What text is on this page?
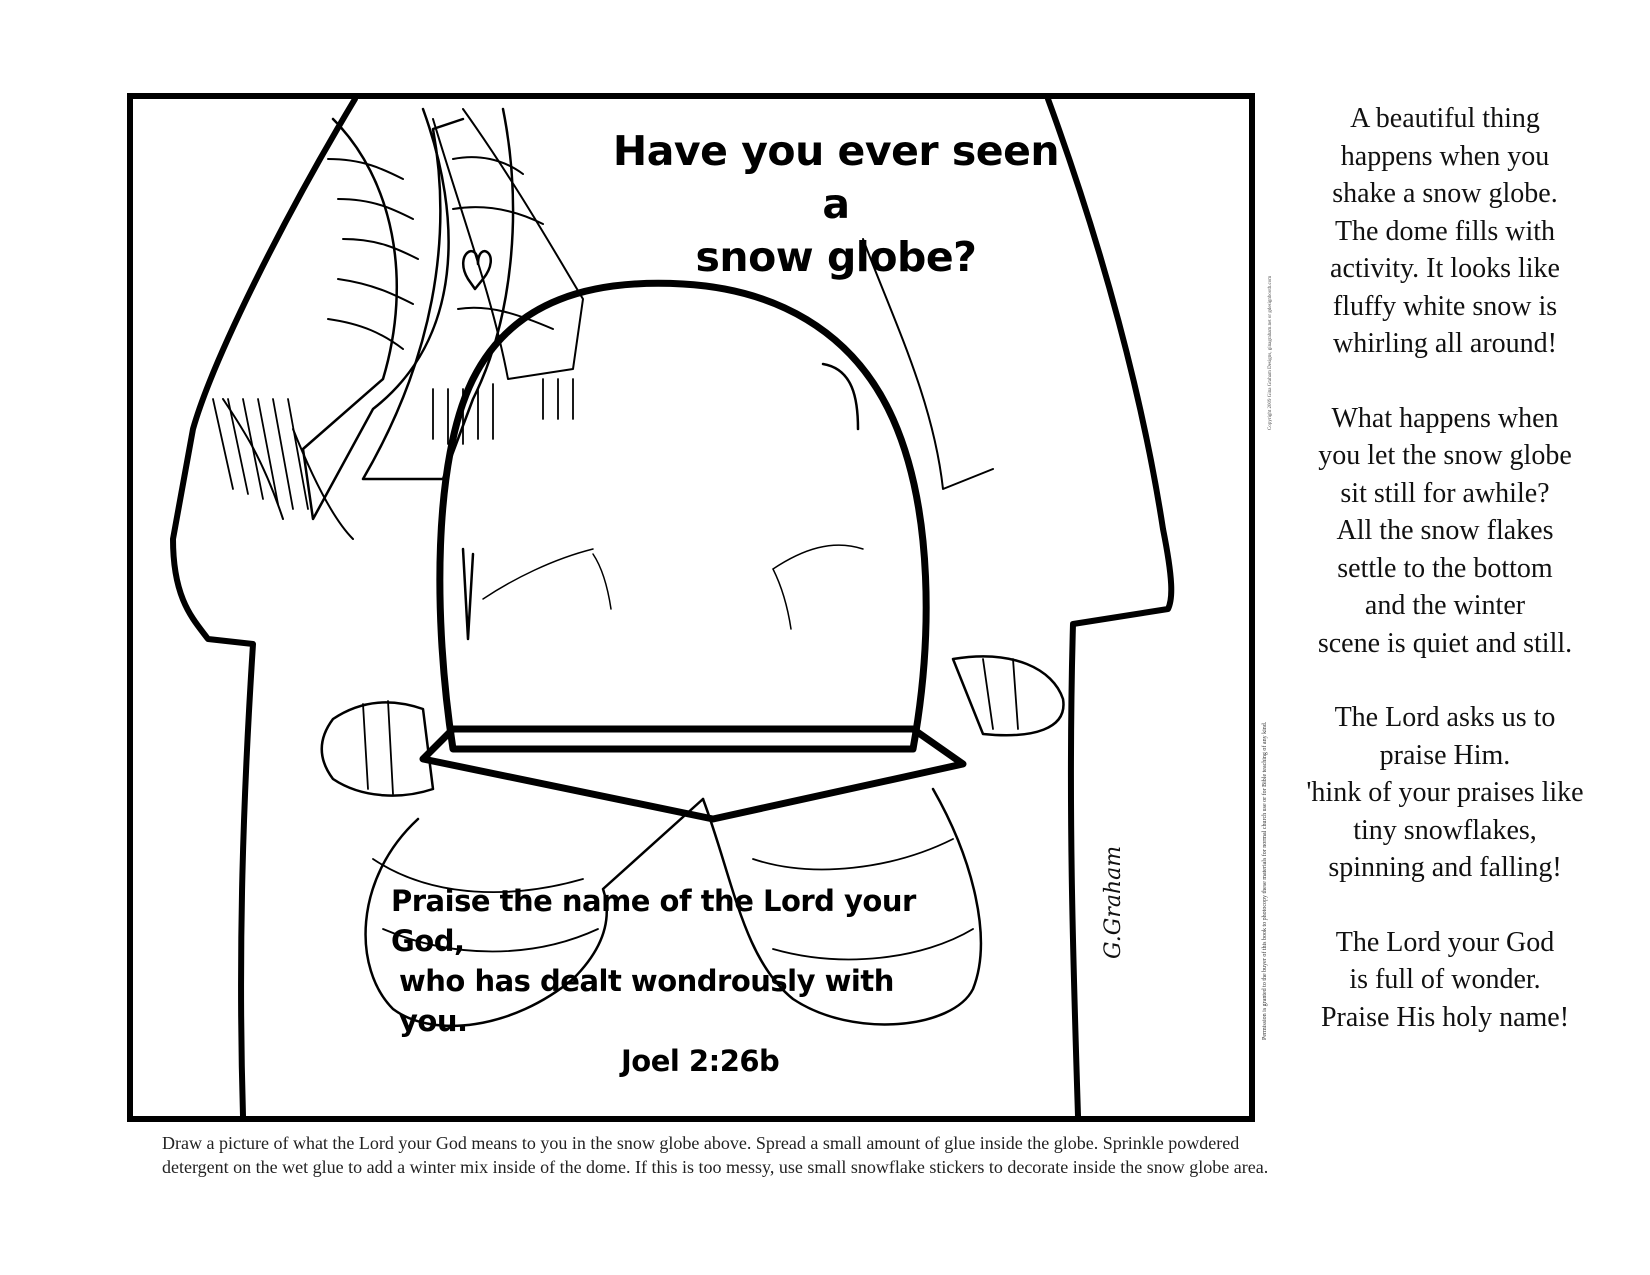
Have you ever seen a
snow globe?
Praise the name of the Lord your God,
who has dealt wondrously with you.
Joel 2:26b
G.Graham	Permission is granted to the buyer of this book to photocopy these materials for normal church use or for Bible teaching of any kind.
Copyright 2009 Gina Graham Designs, ginagraham.net or gdesignbooth.com

A beautiful thing
happens when you
shake a snow globe.
The dome fills with
activity. It looks like
fluffy white snow is
whirling all around!

What happens when
you let the snow globe
sit still for awhile?
All the snow flakes
settle to the bottom
and the winter
scene is quiet and still.

The Lord asks us to
praise Him.
'hink of your praises like
tiny snowflakes,
spinning and falling!

The Lord your God
is full of wonder.
Praise His holy name!

Draw a picture of what the Lord your God means to you in the snow globe above. Spread a small amount of glue inside the globe. Sprinkle powdered
detergent on the wet glue to add a winter mix inside of the dome. If this is too messy, use small snowflake stickers to decorate inside the snow globe area.
